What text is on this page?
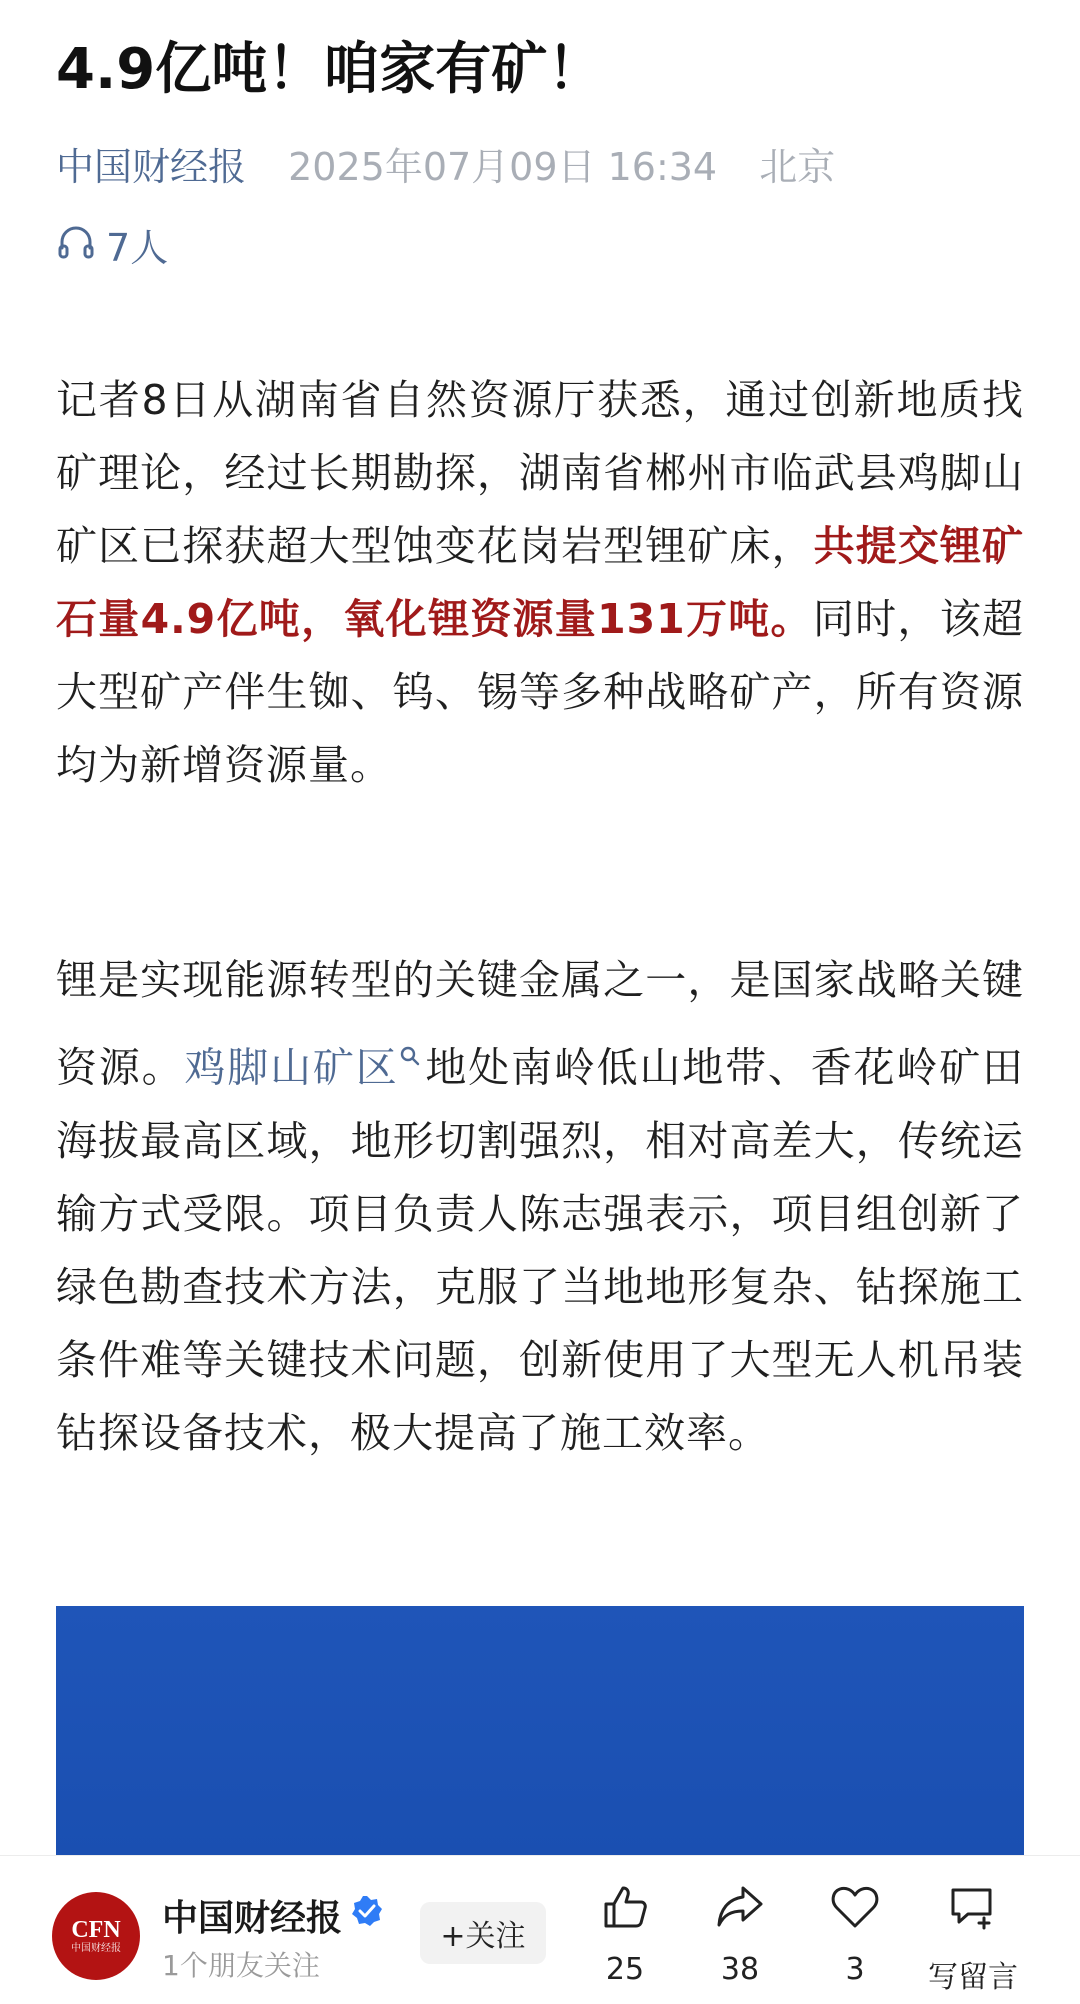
4.9亿吨！咱家有矿！
中国财经报 2025年07月09日 16:34 北京
7人
记者8日从湖南省自然资源厅获悉，通过创新地质找矿理论，经过长期勘探，湖南省郴州市临武县鸡脚山矿区已探获超大型蚀变花岗岩型锂矿床，共提交锂矿石量4.9亿吨，氧化锂资源量131万吨。同时，该超大型矿产伴生铷、钨、锡等多种战略矿产，所有资源均为新增资源量。
锂是实现能源转型的关键金属之一，是国家战略关键资源。鸡脚山矿区 地处南岭低山地带、香花岭矿田海拔最高区域，地形切割强烈，相对高差大，传统运输方式受限。项目负责人陈志强表示，项目组创新了绿色勘查技术方法，克服了当地地形复杂、钻探施工条件难等关键技术问题，创新使用了大型无人机吊装钻探设备技术，极大提高了施工效率。
CFN
中国财经报
中国财经报
1个朋友关注
+关注
25	38	3 写留言
